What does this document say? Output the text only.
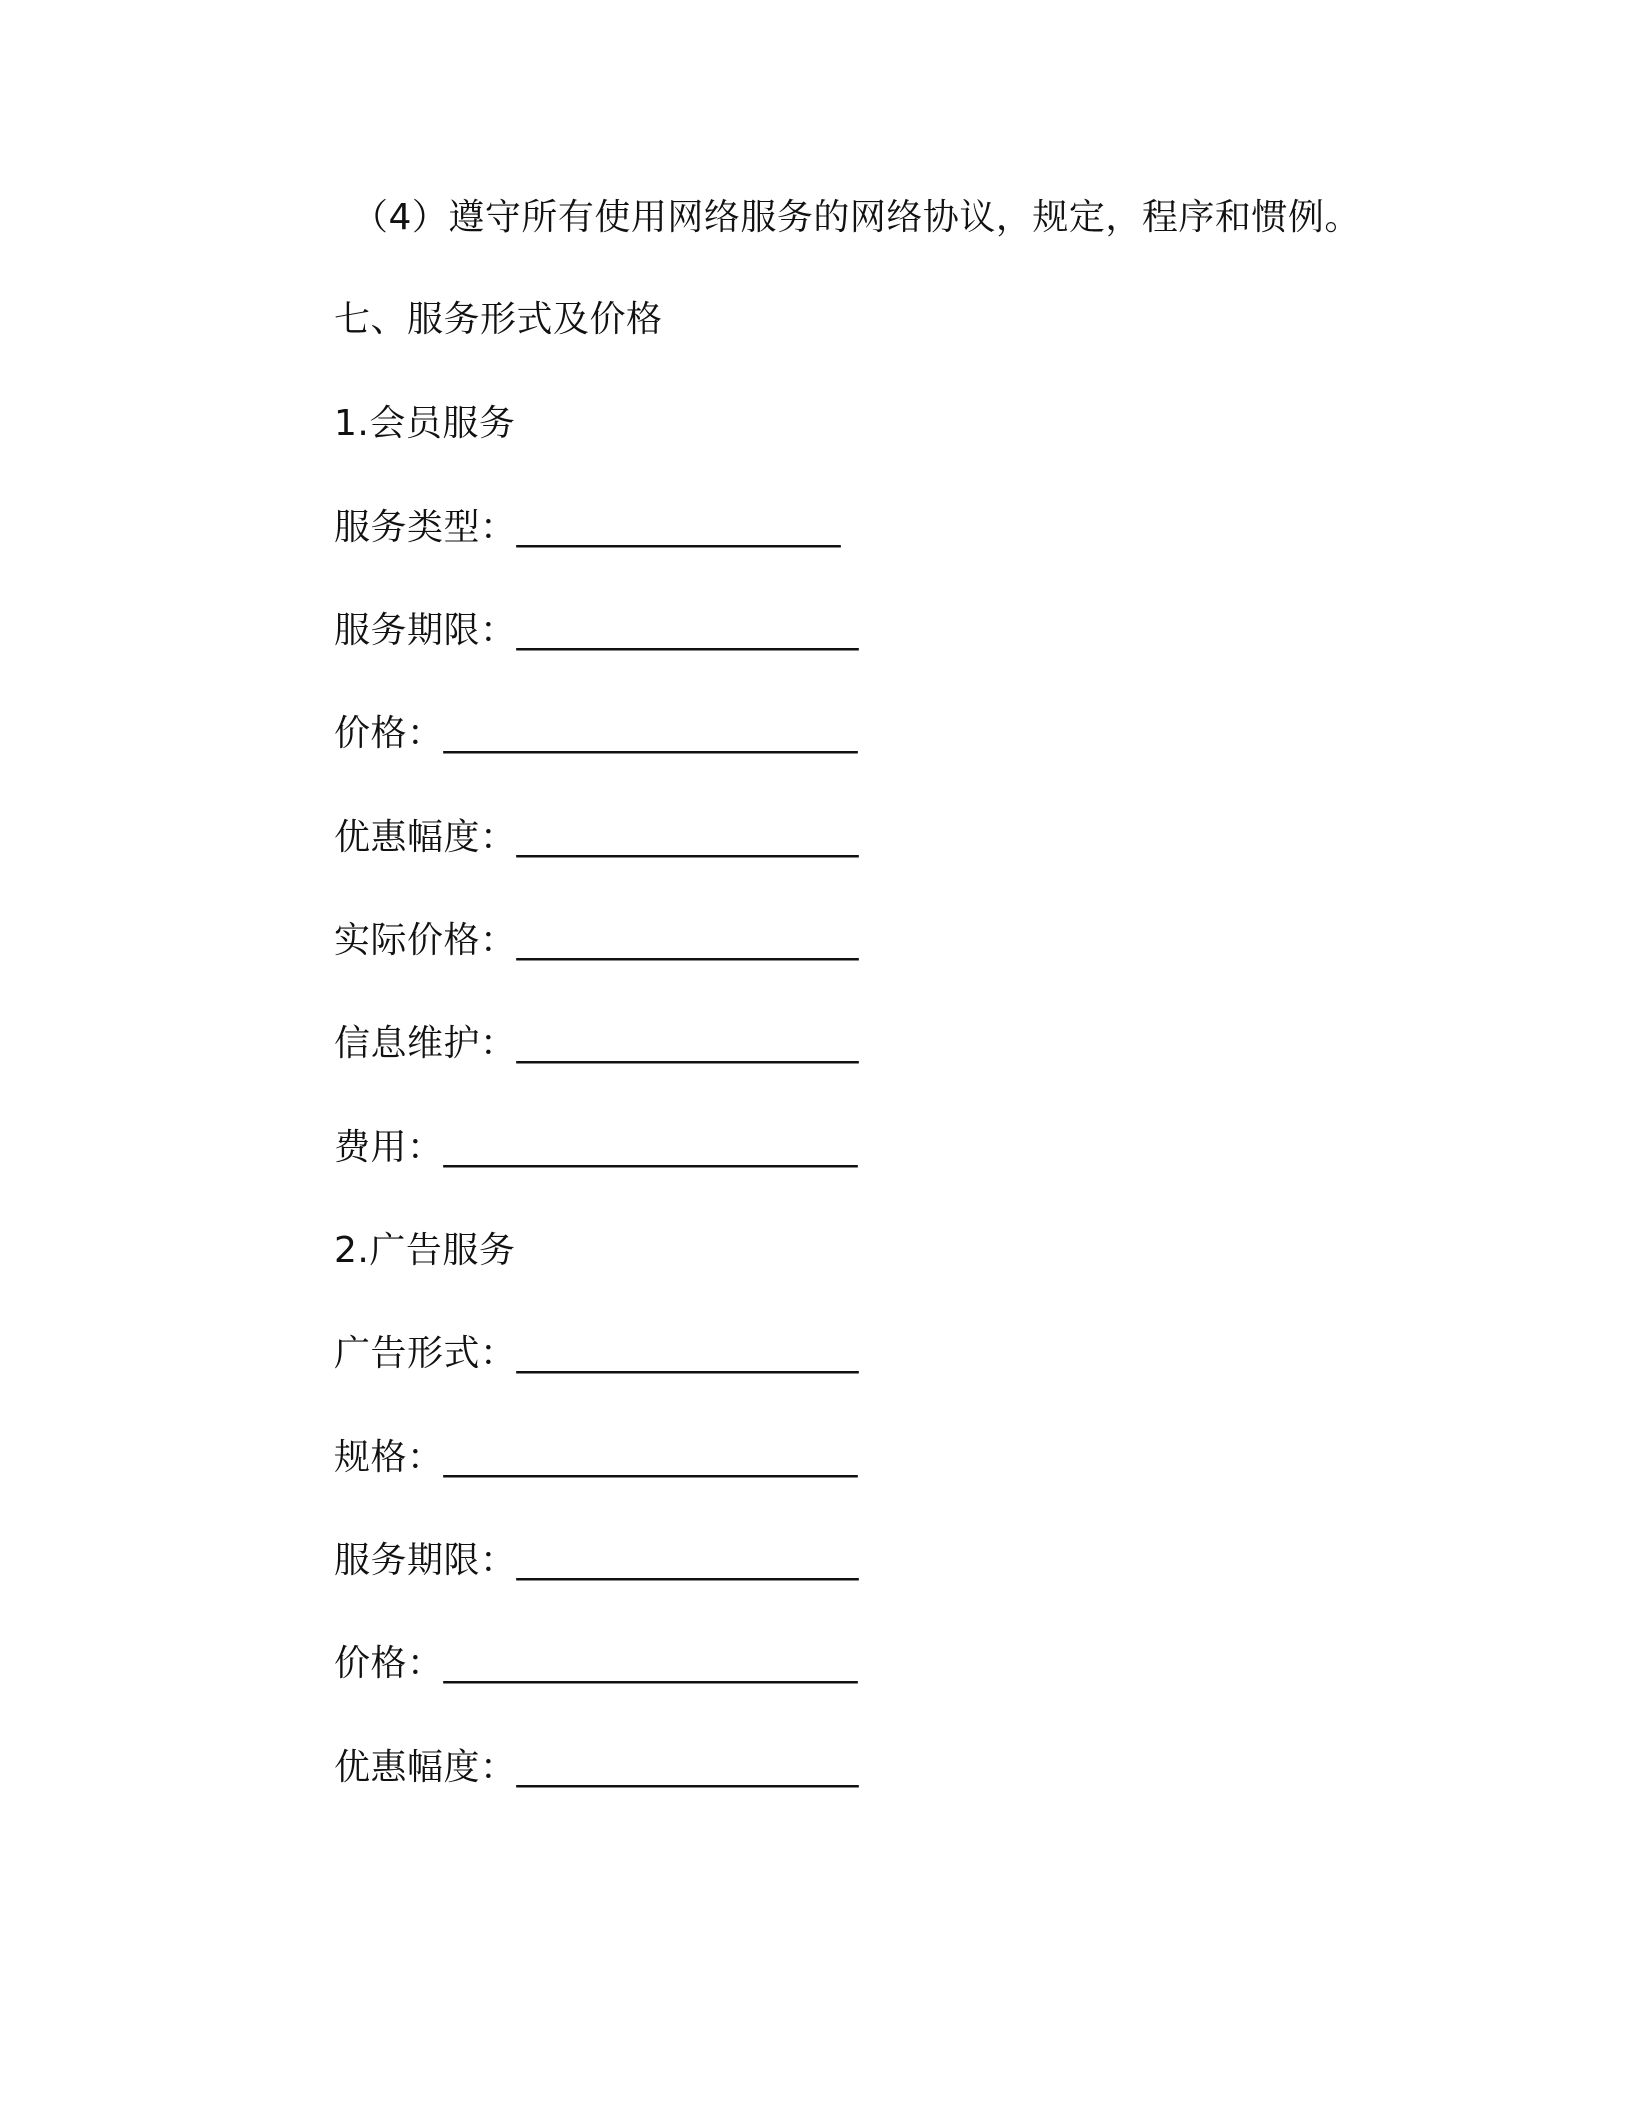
（4）遵守所有使用网络服务的网络协议，规定，程序和惯例。
七、服务形式及价格
1.会员服务
服务类型：__________________
服务期限：___________________
价格：_______________________
优惠幅度：___________________
实际价格：___________________
信息维护：___________________
费用：_______________________
2.广告服务
广告形式：___________________
规格：_______________________
服务期限：___________________
价格：_______________________
优惠幅度：___________________
